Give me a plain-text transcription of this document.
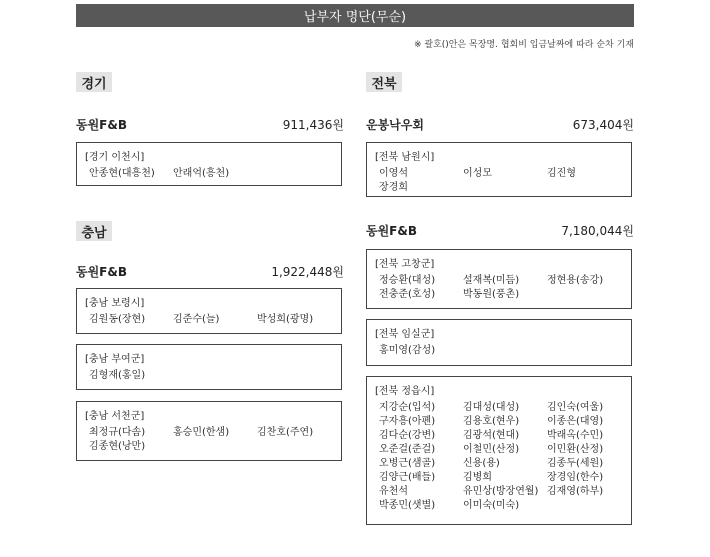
납부자 명단(무순)
※ 괄호()안은 목장명. 협회비 입금날짜에 따라 순차 기재
경기
동원F&B	911,436원
[경기 이천시]
안종현(대흥천)	안래억(흥천)
충남
동원F&B	1,922,448원
[충남 보령시]
김원동(장현)	김준수(늘)	박성희(광명)
[충남 부여군]
김형재(홍일)
[충남 서천군]
최정규(다솜)	홍승민(한샘)	김찬호(주연)
김종현(낭만)
전북
운봉낙우회	673,404원
[전북 남원시]
이영석	이성모	김진형
장경희
동원F&B	7,180,044원
[전북 고창군]
정승환(대성)	설재복(미듬)	정현용(송강)
전충준(호성)	박동원(풍촌)
[전북 임실군]
홍미영(감성)
[전북 정읍시]
지강순(입석)	김대성(대성)	김인숙(여울)
구자흥(아폔)	김용호(현우)	이종은(대영)
김다순(강변)	김광석(현대)	박래옥(수민)
오준걸(준걸)	이철민(산정)	이민환(산정)
오병근(샘골)	신용(용)	김종두(세원)
김양근(배들)	김병희	장경임(한수)
유천석	유민상(방장연월) 김재영(하부)
박종민(샛별)	이미숙(미숙)
